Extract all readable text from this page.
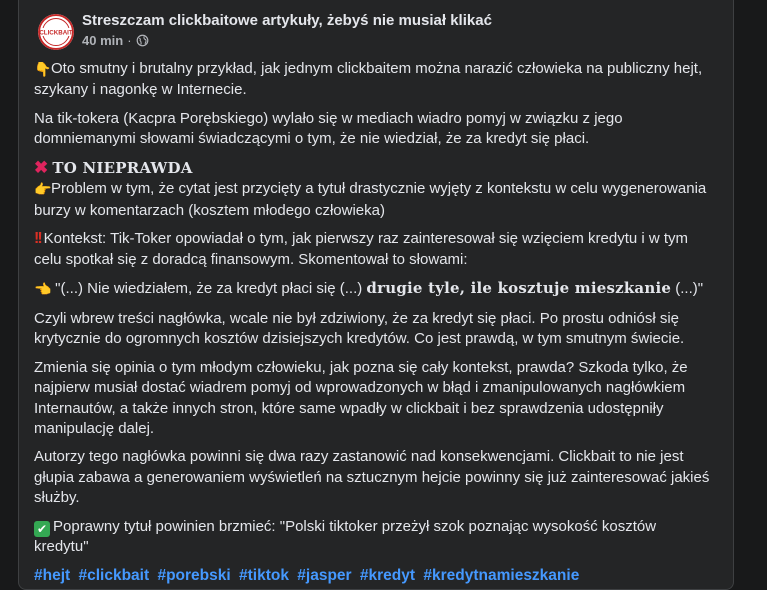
CLICKBAIT
Streszczam clickbaitowe artykuły, żebyś nie musiał klikać
40 min ·

👇Oto smutny i brutalny przykład, jak jednym clickbaitem można narazić człowieka na publiczny hejt, szykany i nagonkę w Internecie.

Na tik-tokera (Kacpra Porębskiego) wylało się w mediach wiadro pomyj w związku z jego domniemanymi słowami świadczącymi o tym, że nie wiedział, że za kredyt się płaci.

✖ TO NIEPRAWDA

👉Problem w tym, że cytat jest przycięty a tytuł drastycznie wyjęty z kontekstu w celu wygenerowania burzy w komentarzach (kosztem młodego człowieka)

!! Kontekst: Tik-Toker opowiadał o tym, jak pierwszy raz zainteresował się wzięciem kredytu i w tym celu spotkał się z doradcą finansowym. Skomentował to słowami:

👈 "(...) Nie wiedziałem, że za kredyt płaci się (...) drugie tyle, ile kosztuje mieszkanie (...)"

Czyli wbrew treści nagłówka, wcale nie był zdziwiony, że za kredyt się płaci. Po prostu odniósł się krytycznie do ogromnych kosztów dzisiejszych kredytów. Co jest prawdą, w tym smutnym świecie.

Zmienia się opinia o tym młodym człowieku, jak pozna się cały kontekst, prawda? Szkoda tylko, że najpierw musiał dostać wiadrem pomyj od wprowadzonych w błąd i zmanipulowanych nagłówkiem Internautów, a także innych stron, które same wpadły w clickbait i bez sprawdzenia udostępniły manipulację dalej.

Autorzy tego nagłówka powinni się dwa razy zastanowić nad konsekwencjami. Clickbait to nie jest głupia zabawa a generowaniem wyświetleń na sztucznym hejcie powinny się już zainteresować jakieś służby.

✔ Poprawny tytuł powinien brzmieć: "Polski tiktoker przeżył szok poznając wysokość kosztów kredytu"

#hejt #clickbait #porebski #tiktok #jasper #kredyt #kredytnamieszkanie
